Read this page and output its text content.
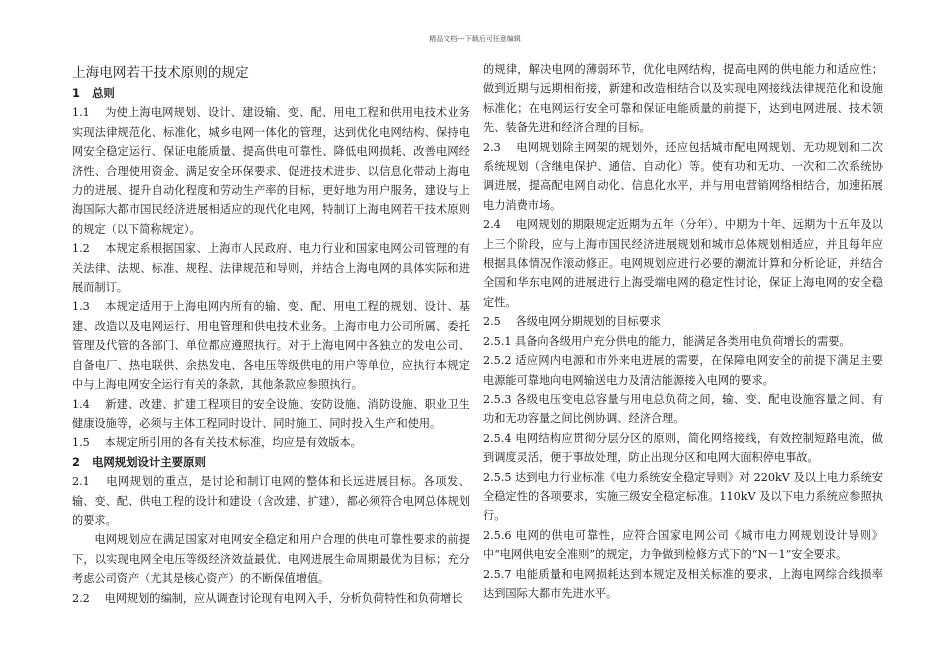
精品文档---下载后可任意编辑

上海电网若干技术原则的规定

1 总则

1.1　 为使上海电网规划、设计、建设输、变、配、用电工程和供用电技术业务实现法律规范化、标准化，城乡电网一体化的管理，达到优化电网结构、保持电网安全稳定运行、保证电能质量、提高供电可靠性、降低电网损耗、改善电网经济性、合理使用资金、满足安全环保要求、促进技术进步、以信息化带动上海电力的进展、提升自动化程度和劳动生产率的目标，更好地为用户服务，建设与上海国际大都市国民经济进展相适应的现代化电网，特制订上海电网若干技术原则的规定（以下简称规定）。

1.2　 本规定系根据国家、上海市人民政府、电力行业和国家电网公司管理的有关法律、法规、标准、规程、法律规范和导则，并结合上海电网的具体实际和进展而制订。

1.3　 本规定适用于上海电网内所有的输、变、配、用电工程的规划、设计、基建、改造以及电网运行、用电管理和供电技术业务。上海市电力公司所属、委托管理及代管的各部门、单位都应遵照执行。对于上海电网中各独立的发电公司、自备电厂、热电联供、余热发电、各电压等级供电的用户等单位，应执行本规定中与上海电网安全运行有关的条款，其他条款应参照执行。

1.4　 新建、改建、扩建工程项目的安全设施、安防设施、消防设施、职业卫生健康设施等，必须与主体工程同时设计、同时施工、同时投入生产和使用。

1.5　 本规定所引用的各有关技术标准，均应是有效版本。

2 电网规划设计主要原则

2.1　 电网规划的重点，是讨论和制订电网的整体和长远进展目标。各项发、输、变、配、供电工程的设计和建设（含改建、扩建），都必须符合电网总体规划的要求。

电网规划应在满足国家对电网安全稳定和用户合理的供电可靠性要求的前提下，以实现电网全电压等级经济效益最优、电网进展生命周期最优为目标；充分考虑公司资产（尤其是核心资产）的不断保值增值。

2.2　 电网规划的编制，应从调查讨论现有电网入手，分析负荷特性和负荷增长

的规律，解决电网的薄弱环节，优化电网结构，提高电网的供电能力和适应性；做到近期与远期相衔接，新建和改造相结合以及实现电网接线法律规范化和设施标准化；在电网运行安全可靠和保证电能质量的前提下，达到电网进展、技术领先、装备先进和经济合理的目标。

2.3　 电网规划除主网架的规划外，还应包括城市配电网规划、无功规划和二次系统规划（含继电保护、通信、自动化）等。使有功和无功、一次和二次系统协调进展，提高配电网自动化、信息化水平，并与用电营销网络相结合，加速拓展电力消费市场。

2.4　 电网规划的期限规定近期为五年（分年）、中期为十年、远期为十五年及以上三个阶段，应与上海市国民经济进展规划和城市总体规划相适应，并且每年应根据具体情况作滚动修正。电网规划应进行必要的潮流计算和分析论证，并结合全国和华东电网的进展进行上海受端电网的稳定性讨论，保证上海电网的安全稳定性。

2.5　 各级电网分期规划的目标要求

2.5.1 具备向各级用户充分供电的能力，能满足各类用电负荷增长的需要。

2.5.2 适应网内电源和市外来电进展的需要，在保障电网安全的前提下满足主要电源能可靠地向电网输送电力及清洁能源接入电网的要求。

2.5.3 各级电压变电总容量与用电总负荷之间，输、变、配电设施容量之间、有功和无功容量之间比例协调、经济合理。

2.5.4 电网结构应贯彻分层分区的原则，简化网络接线，有效控制短路电流，做到调度灵活，便于事故处理，防止出现分区和电网大面积停电事故。

2.5.5 达到电力行业标准《电力系统安全稳定导则》对 220kV 及以上电力系统安全稳定性的各项要求，实施三级安全稳定标准。110kV 及以下电力系统应参照执行。

2.5.6 电网的供电可靠性，应符合国家电网公司《城市电力网规划设计导则》中“电网供电安全准则”的规定，力争做到检修方式下的“N－1”安全要求。

2.5.7 电能质量和电网损耗达到本规定及相关标准的要求，上海电网综合线损率达到国际大都市先进水平。
